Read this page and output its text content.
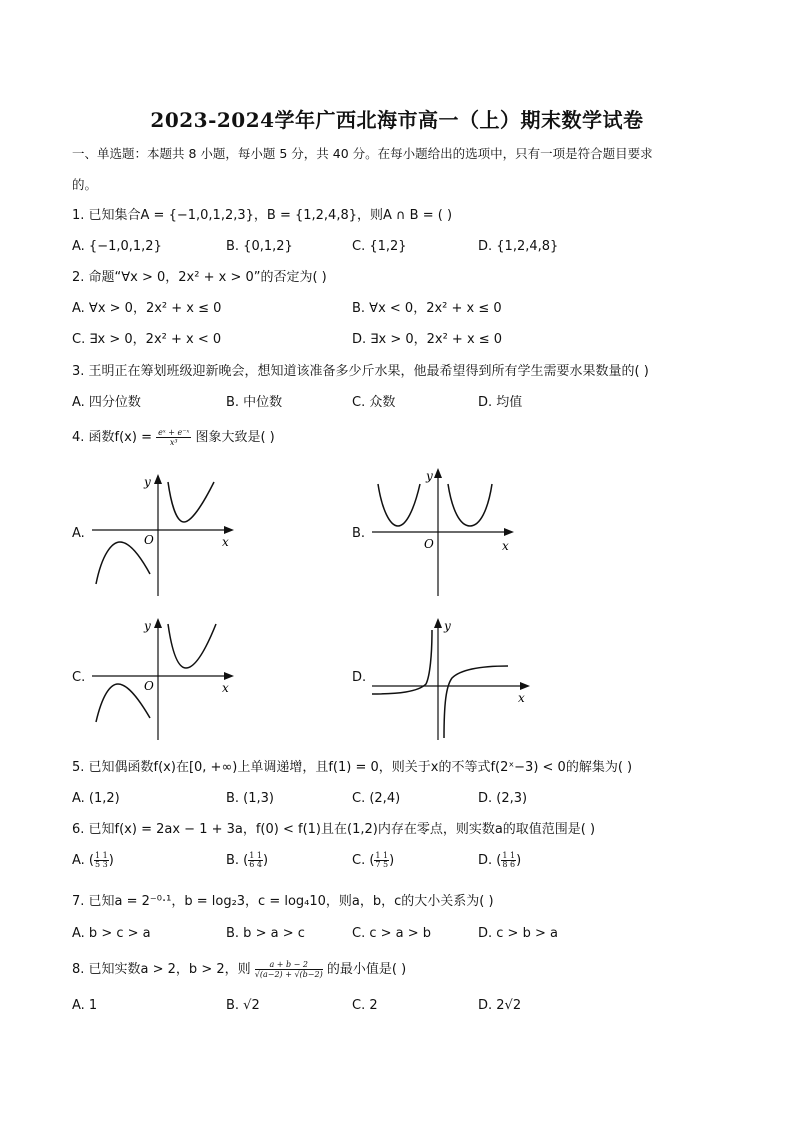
2023-2024学年广西北海市高一（上）期末数学试卷
一、单选题：本题共 8 小题，每小题 5 分，共 40 分。在每小题给出的选项中，只有一项是符合题目要求
的。
1. 已知集合A = {−1,0,1,2,3}，B = {1,2,4,8}，则A ∩ B = ( )
A. {−1,0,1,2}	B. {0,1,2}	C. {1,2}	D. {1,2,4,8}
2. 命题“∀x > 0，2x² + x > 0”的否定为( )
A. ∀x > 0，2x² + x ≤ 0	B. ∀x < 0，2x² + x ≤ 0
C. ∃x > 0，2x² + x < 0	D. ∃x > 0，2x² + x ≤ 0
3. 王明正在筹划班级迎新晚会，想知道该准备多少斤水果，他最希望得到所有学生需要水果数量的( )
A. 四分位数	B. 中位数	C. 众数	D. 均值
4. 函数$f(x) = \frac{\text{eˣ + e⁻ˣ}}{\text{x³}}$ 图象大致是( )
A.
y
x
O	B.
y
x
O
C.
y
x
O
D.
y
x
5. 已知偶函数f(x)在[0, +∞)上单调递增，且f(1) = 0，则关于x的不等式f(2ˣ−3) < 0的解集为( )
A. (1,2)	B. (1,3)	C. (2,4)	D. (2,3)
6. 已知f(x) = 2ax − 1 + 3a，f(0) < f(1)且在(1,2)内存在零点，则实数a的取值范围是( )
A. ( $\frac{1 1}{5 3}$ )	B. ( $\frac{1 1}{6 4}$ )	C. ( $\frac{1 1}{7 5}$ )	D. ( $\frac{1 1}{8 6}$ )
7. 已知a = 2⁻⁰·¹，b = log₂3，c = log₄10，则a，b，c的大小关系为( )
A. b > c > a	B. b > a > c	C. c > a > b	D. c > b > a
8. 已知实数a > 2，b > 2，则 $\frac{a + b - 2}{√(a-2) + √(b-2)}$ 的最小值是( )
A. 1	B. √2	C. 2	D. 2√2
